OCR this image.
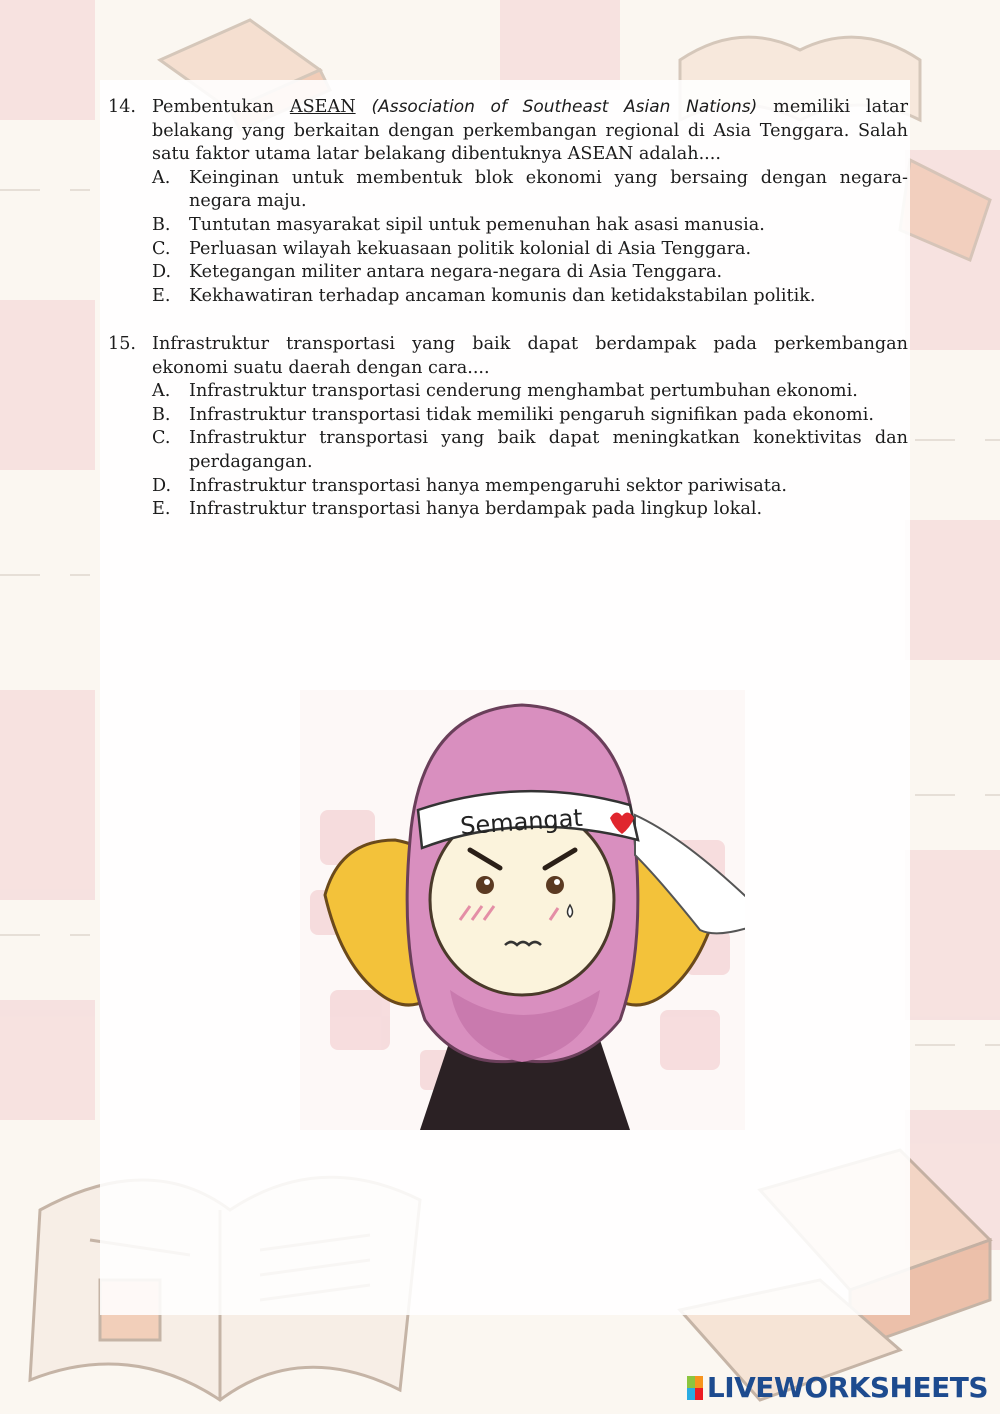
14. Pembentukan ASEAN (Association of Southeast Asian Nations) memiliki latar belakang yang berkaitan dengan perkembangan regional di Asia Tenggara. Salah satu faktor utama latar belakang dibentuknya ASEAN adalah....
A.	Keinginan untuk membentuk blok ekonomi yang bersaing dengan negara-negara maju.
B.	Tuntutan masyarakat sipil untuk pemenuhan hak asasi manusia.
C.	Perluasan wilayah kekuasaan politik kolonial di Asia Tenggara.
D.	Ketegangan militer antara negara-negara di Asia Tenggara.
E.	Kekhawatiran terhadap ancaman komunis dan ketidakstabilan politik.
15. Infrastruktur transportasi yang baik dapat berdampak pada perkembangan ekonomi suatu daerah dengan cara....
A.	Infrastruktur transportasi cenderung menghambat pertumbuhan ekonomi.
B.	Infrastruktur transportasi tidak memiliki pengaruh signifikan pada ekonomi.
C.	Infrastruktur transportasi yang baik dapat meningkatkan konektivitas dan perdagangan.
D.	Infrastruktur transportasi hanya mempengaruhi sektor pariwisata.
E.	Infrastruktur transportasi hanya berdampak pada lingkup lokal.
Semangat
LIVEWORKSHEETS
